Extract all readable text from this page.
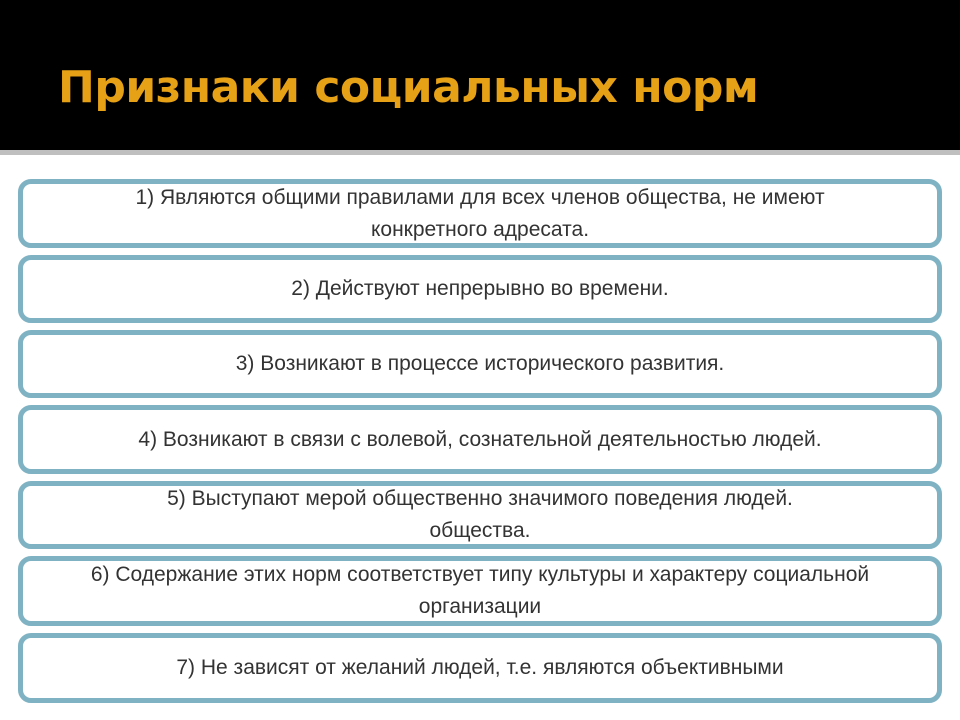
Признаки социальных норм
1) Являются общими правилами для всех членов общества, не имеют
конкретного адресата.
2) Действуют непрерывно во времени.
3) Возникают в процессе исторического развития.
4) Возникают в связи с волевой, сознательной деятельностью людей.
5) Выступают мерой общественно значимого поведения людей.
общества.
6) Содержание этих норм соответствует типу культуры и характеру социальной
организации
7) Не зависят от желаний людей, т.е. являются объективными
